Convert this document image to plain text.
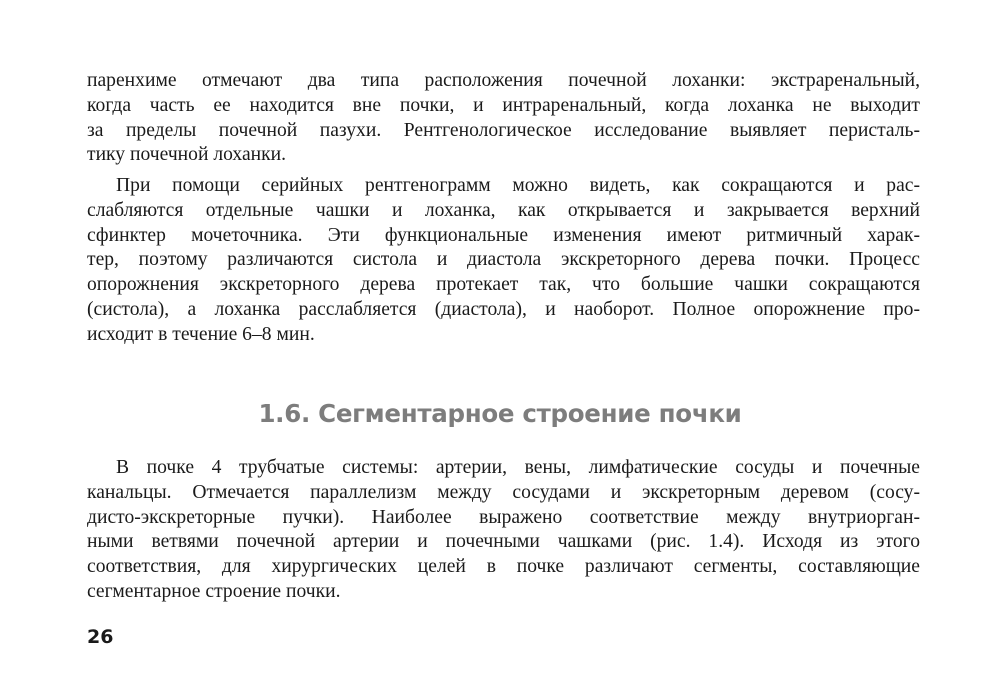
паренхиме отмечают два типа расположения почечной лоханки: экстраренальный,
когда часть ее находится вне почки, и интраренальный, когда лоханка не выходит
за пределы почечной пазухи. Рентгенологическое исследование выявляет перисталь-
тику почечной лоханки.
При помощи серийных рентгенограмм можно видеть, как сокращаются и рас-
слабляются отдельные чашки и лоханка, как открывается и закрывается верхний
сфинктер мочеточника. Эти функциональные изменения имеют ритмичный харак-
тер, поэтому различаются систола и диастола экскреторного дерева почки. Процесс
опорожнения экскреторного дерева протекает так, что большие чашки сокращаются
(систола), а лоханка расслабляется (диастола), и наоборот. Полное опорожнение про-
исходит в течение 6–8 мин.
1.6. Сегментарное строение почки
В почке 4 трубчатые системы: артерии, вены, лимфатические сосуды и почечные
канальцы. Отмечается параллелизм между сосудами и экскреторным деревом (сосу-
дисто-экскреторные пучки). Наиболее выражено соответствие между внутриорган-
ными ветвями почечной артерии и почечными чашками (рис. 1.4). Исходя из этого
соответствия, для хирургических целей в почке различают сегменты, составляющие
сегментарное строение почки.
26
